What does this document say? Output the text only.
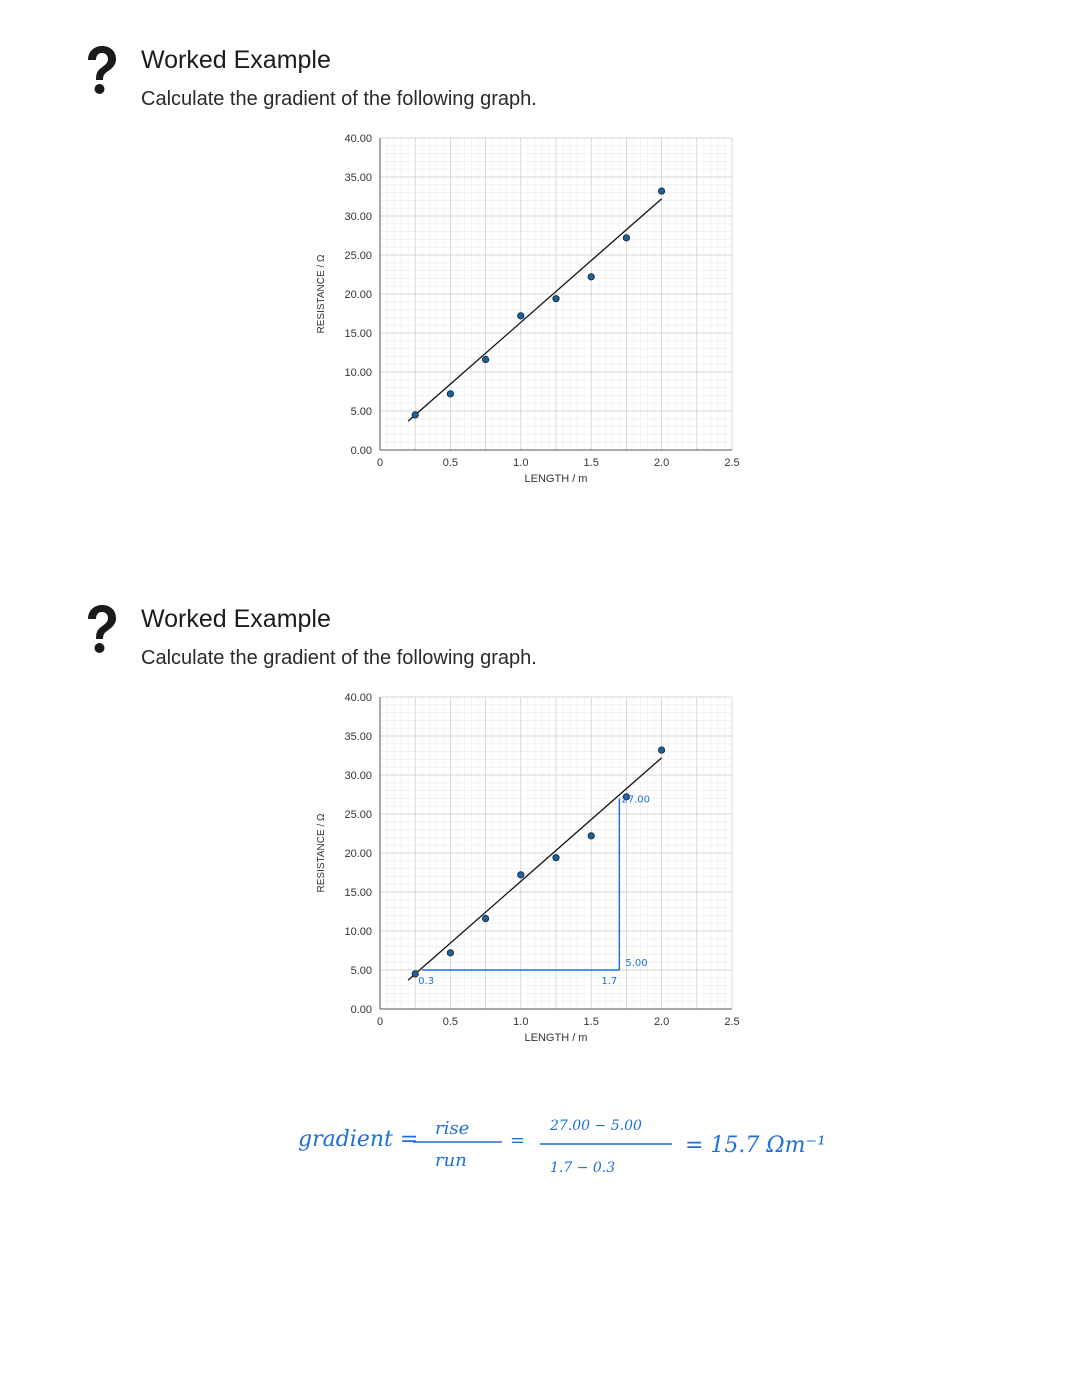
Worked Example
Calculate the gradient of the following graph.
0.00
5.00
10.00
15.00
20.00
25.00
30.00
35.00
40.00
0	0.5	1.0	1.5	2.0	2.5
RESISTANCE / Ω
LENGTH / m
Worked Example
Calculate the gradient of the following graph.
0.00
5.00
10.00
15.00
20.00
25.00
30.00
35.00
40.00
0	0.5	1.0	1.5	2.0	2.5
RESISTANCE / Ω
LENGTH / m
27.00
5.00
0.3	1.7
gradient = rise
run
=
27.00 − 5.00
1.7 − 0.3
= 15.7 Ωm⁻¹
